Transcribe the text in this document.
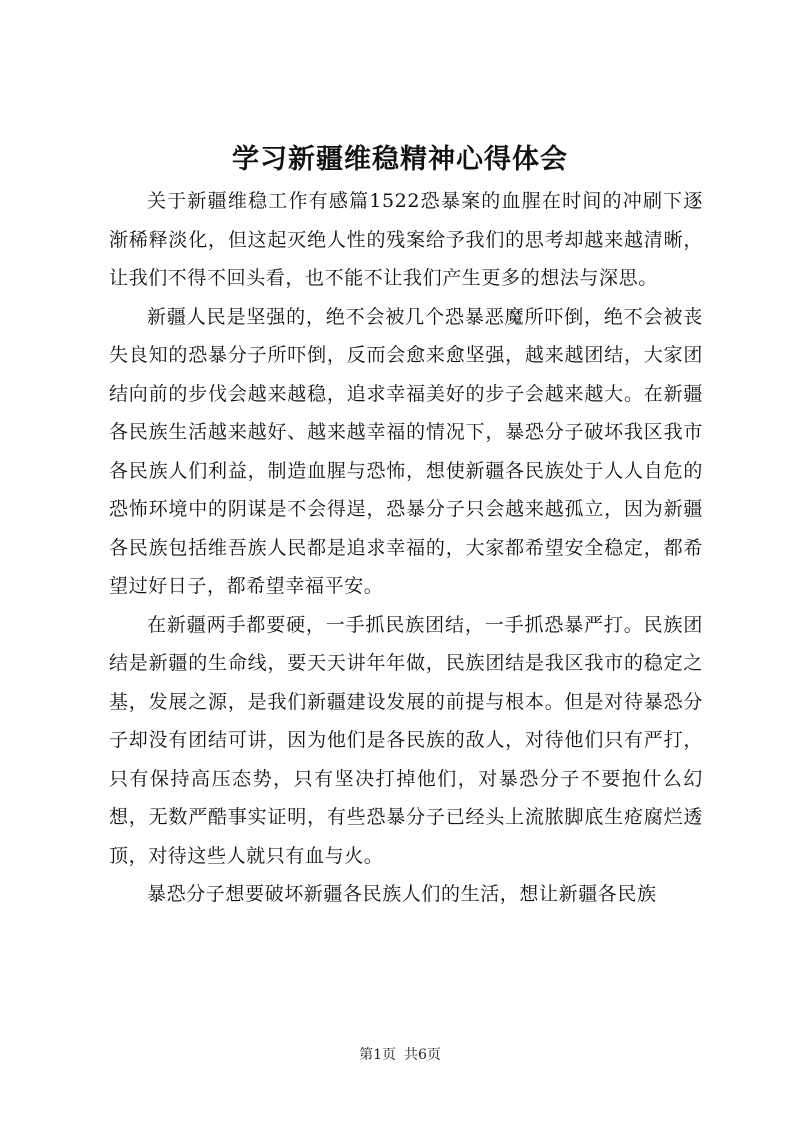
学习新疆维稳精神心得体会

关于新疆维稳工作有感篇1522恐暴案的血腥在时间的冲刷下逐渐稀释淡化，但这起灭绝人性的残案给予我们的思考却越来越清晰，让我们不得不回头看，也不能不让我们产生更多的想法与深思。

新疆人民是坚强的，绝不会被几个恐暴恶魔所吓倒，绝不会被丧失良知的恐暴分子所吓倒，反而会愈来愈坚强，越来越团结，大家团结向前的步伐会越来越稳，追求幸福美好的步子会越来越大。在新疆各民族生活越来越好、越来越幸福的情况下，暴恐分子破坏我区我市各民族人们利益，制造血腥与恐怖，想使新疆各民族处于人人自危的恐怖环境中的阴谋是不会得逞，恐暴分子只会越来越孤立，因为新疆各民族包括维吾族人民都是追求幸福的，大家都希望安全稳定，都希望过好日子，都希望幸福平安。

在新疆两手都要硬，一手抓民族团结，一手抓恐暴严打。民族团结是新疆的生命线，要天天讲年年做，民族团结是我区我市的稳定之基，发展之源，是我们新疆建设发展的前提与根本。但是对待暴恐分子却没有团结可讲，因为他们是各民族的敌人，对待他们只有严打，只有保持高压态势，只有坚决打掉他们，对暴恐分子不要抱什么幻想，无数严酷事实证明，有些恐暴分子已经头上流脓脚底生疮腐烂透顶，对待这些人就只有血与火。

暴恐分子想要破坏新疆各民族人们的生活，想让新疆各民族

第1页 共6页
